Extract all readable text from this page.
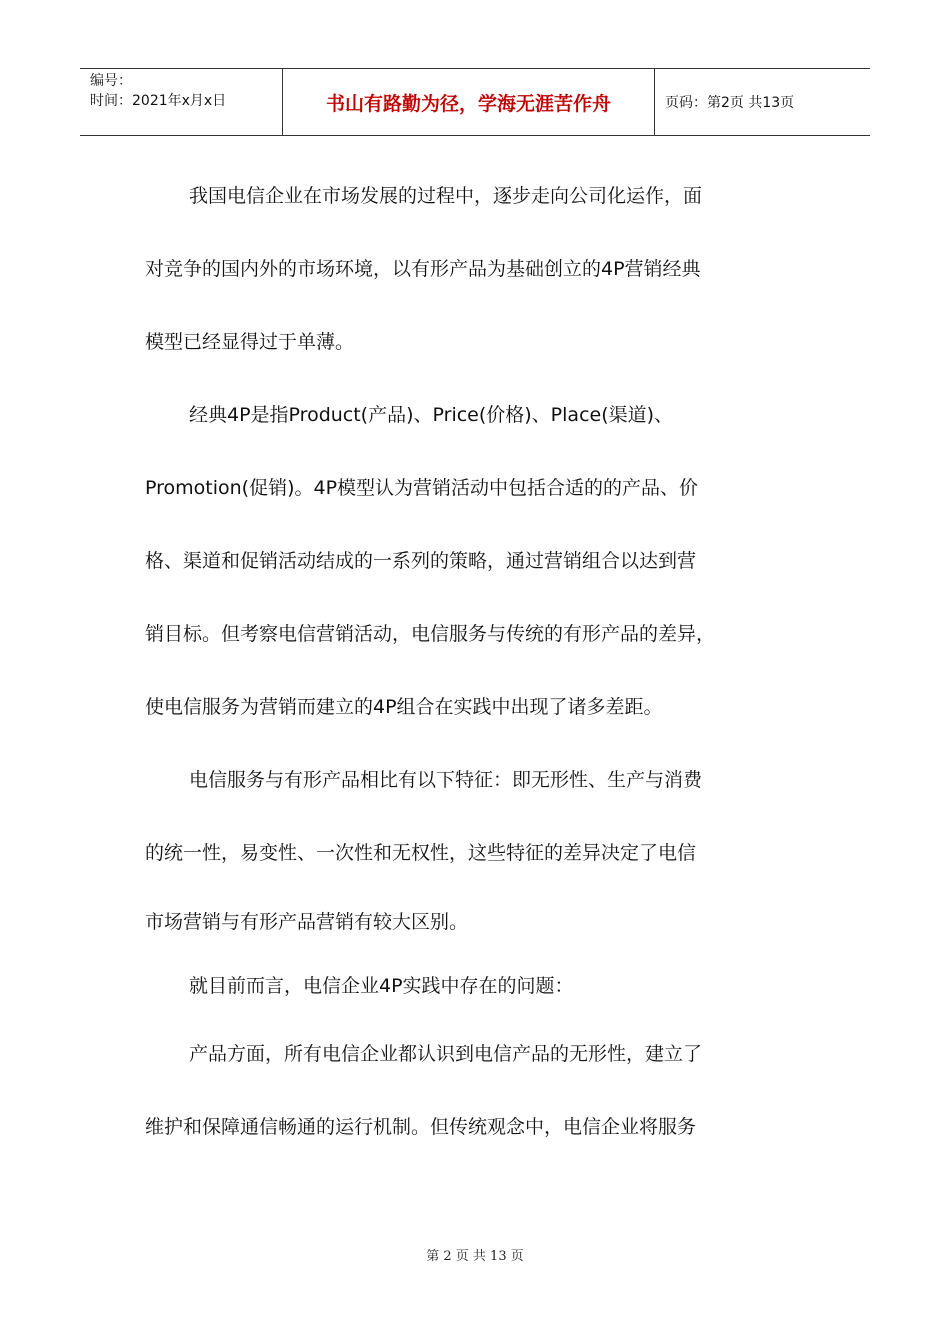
编号：
时间：2021年x月x日	书山有路勤为径，学海无涯苦作舟	页码：第2页 共13页
我国电信企业在市场发展的过程中，逐步走向公司化运作，面
对竞争的国内外的市场环境，以有形产品为基础创立的4P营销经典
模型已经显得过于单薄。
经典4P是指Product(产品)、Price(价格)、Place(渠道)、
Promotion(促销)。4P模型认为营销活动中包括合适的的产品、价
格、渠道和促销活动结成的一系列的策略，通过营销组合以达到营
销目标。但考察电信营销活动，电信服务与传统的有形产品的差异，
使电信服务为营销而建立的4P组合在实践中出现了诸多差距。
电信服务与有形产品相比有以下特征：即无形性、生产与消费
的统一性，易变性、一次性和无权性，这些特征的差异决定了电信
市场营销与有形产品营销有较大区别。
就目前而言，电信企业4P实践中存在的问题：
产品方面，所有电信企业都认识到电信产品的无形性，建立了
维护和保障通信畅通的运行机制。但传统观念中，电信企业将服务
第 2 页 共 13 页
